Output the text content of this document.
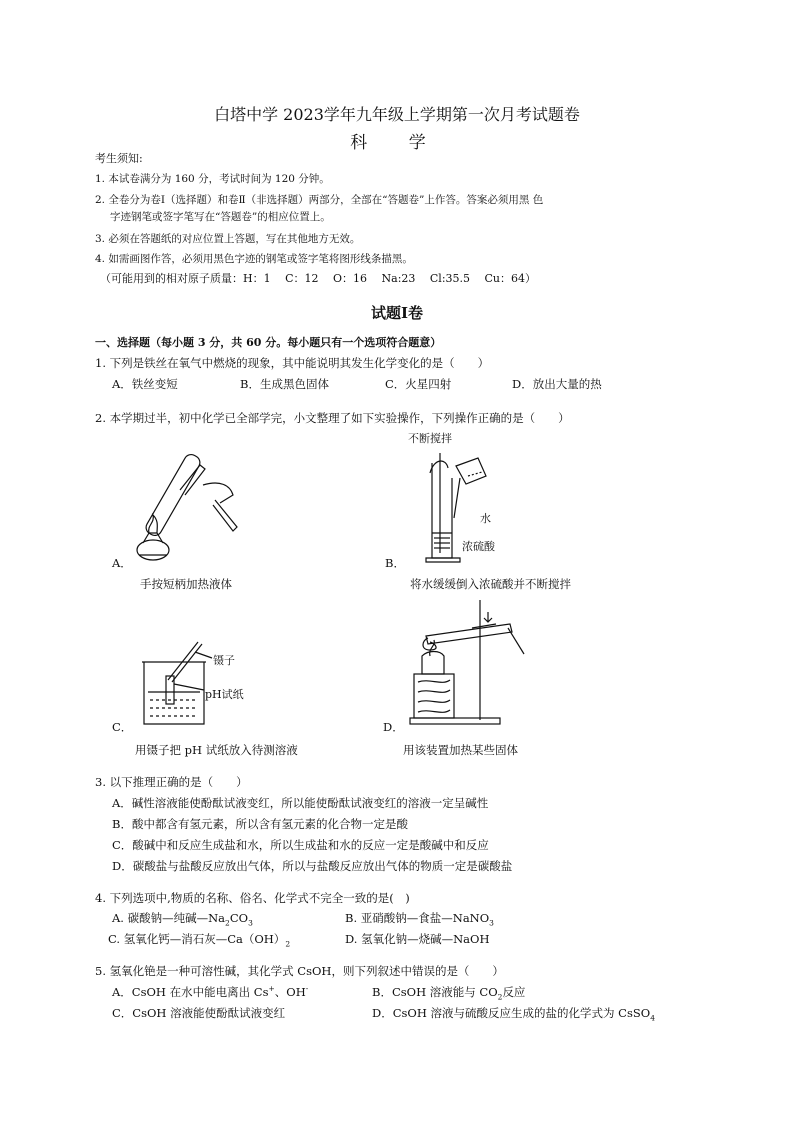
白塔中学 2023学年九年级上学期第一次月考试题卷
科 学
考生须知:
1. 本试卷满分为 160 分，考试时间为 120 分钟。
2. 全卷分为卷Ⅰ（选择题）和卷Ⅱ（非选择题）两部分，全部在“答题卷”上作答。答案必须用黑 色
字迹钢笔或签字笔写在“答题卷”的相应位置上。
3. 必须在答题纸的对应位置上答题，写在其他地方无效。
4. 如需画图作答，必须用黑色字迹的钢笔或签字笔将图形线条描黑。
（可能用到的相对原子质量：H：1　 C：12　 O：16　 Na:23　 Cl:35.5　 Cu：64）
试题Ⅰ卷
一、选择题（每小题 3 分，共 60 分。每小题只有一个选项符合题意）
1. 下列是铁丝在氧气中燃烧的现象，其中能说明其发生化学变化的是（　　）
A．铁丝变短	B．生成黑色固体	C．火星四射	D．放出大量的热
2. 本学期过半，初中化学已全部学完，小文整理了如下实验操作，下列操作正确的是（　　）
A．
手按短柄加热液体
不断搅拌
水
浓硫酸
B．
将水缓缓倒入浓硫酸并不断搅拌
镊子
pH试纸
C．
用镊子把 pH 试纸放入待测溶液
D．
用该装置加热某些固体
3. 以下推理正确的是（　　）
A．碱性溶液能使酚酞试液变红，所以能使酚酞试液变红的溶液一定呈碱性
B．酸中都含有氢元素，所以含有氢元素的化合物一定是酸
C．酸碱中和反应生成盐和水，所以生成盐和水的反应一定是酸碱中和反应
D．碳酸盐与盐酸反应放出气体，所以与盐酸反应放出气体的物质一定是碳酸盐
4. 下列选项中,物质的名称、俗名、化学式不完全一致的是(　)
A. 碳酸钠—纯碱$—Na_2CO_3$	B. 亚硝酸钠—食盐—NaNO$_3$
C. 氢氧化钙—消石灰$—Ca(OH)_2$	D. 氢氧化钠—烧碱—NaOH
5. 氢氧化铯是一种可溶性碱，其化学式 CsOH，则下列叙述中错误的是（　　）
A．CsOH 在水中能电离出 Cs+、OH-	B．CsOH 溶液能与 $CO_2$反应
C．CsOH 溶液能使酚酞试液变红	D．CsOH 溶液与硫酸反应生成的盐的化学式为 CsSO$_4$
